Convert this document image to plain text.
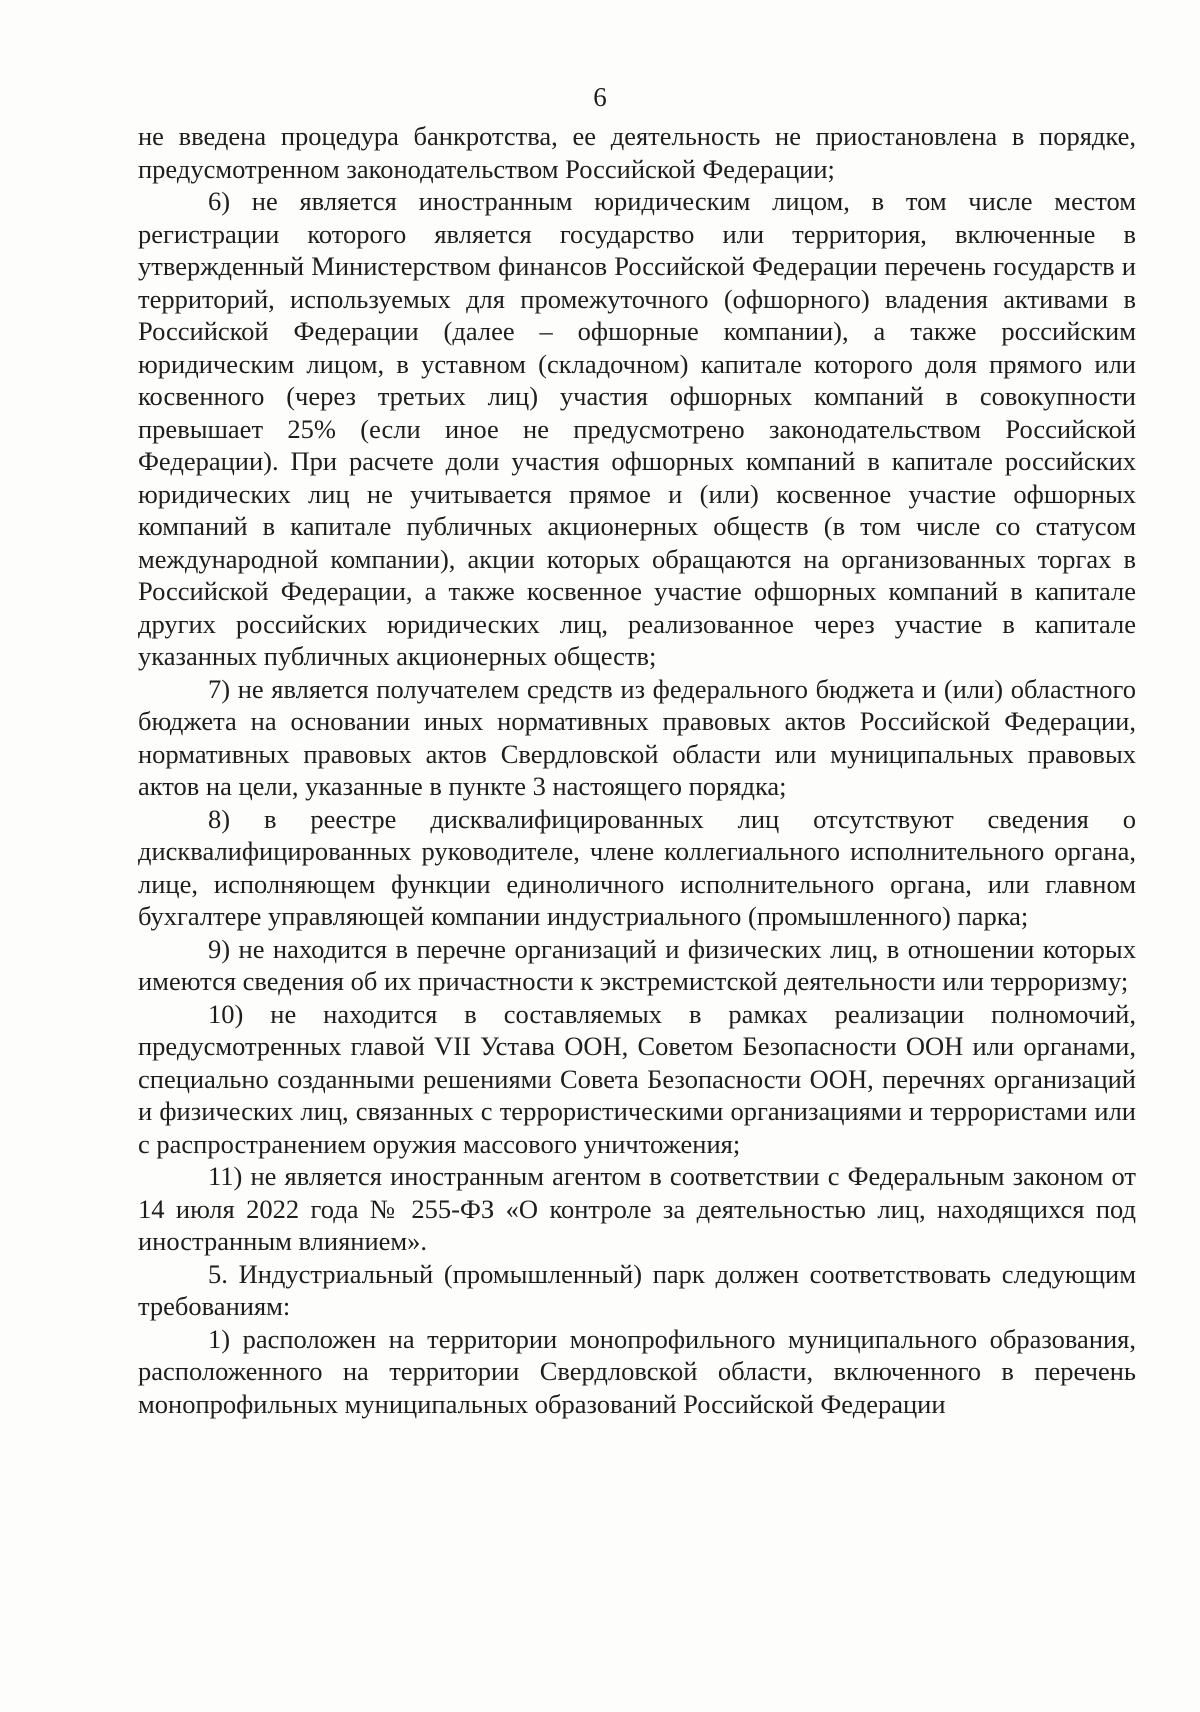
6

не введена процедура банкротства, ее деятельность не приостановлена в порядке, предусмотренном законодательством Российской Федерации;

6) не является иностранным юридическим лицом, в том числе местом регистрации которого является государство или территория, включенные в утвержденный Министерством финансов Российской Федерации перечень государств и территорий, используемых для промежуточного (офшорного) владения активами в Российской Федерации (далее – офшорные компании), а также российским юридическим лицом, в уставном (складочном) капитале которого доля прямого или косвенного (через третьих лиц) участия офшорных компаний в совокупности превышает 25% (если иное не предусмотрено законодательством Российской Федерации). При расчете доли участия офшорных компаний в капитале российских юридических лиц не учитывается прямое и (или) косвенное участие офшорных компаний в капитале публичных акционерных обществ (в том числе со статусом международной компании), акции которых обращаются на организованных торгах в Российской Федерации, а также косвенное участие офшорных компаний в капитале других российских юридических лиц, реализованное через участие в капитале указанных публичных акционерных обществ;

7) не является получателем средств из федерального бюджета и (или) областного бюджета на основании иных нормативных правовых актов Российской Федерации, нормативных правовых актов Свердловской области или муниципальных правовых актов на цели, указанные в пункте 3 настоящего порядка;

8) в реестре дисквалифицированных лиц отсутствуют сведения о дисквалифицированных руководителе, члене коллегиального исполнительного органа, лице, исполняющем функции единоличного исполнительного органа, или главном бухгалтере управляющей компании индустриального (промышленного) парка;

9) не находится в перечне организаций и физических лиц, в отношении которых имеются сведения об их причастности к экстремистской деятельности или терроризму;

10) не находится в составляемых в рамках реализации полномочий, предусмотренных главой VII Устава ООН, Советом Безопасности ООН или органами, специально созданными решениями Совета Безопасности ООН, перечнях организаций и физических лиц, связанных с террористическими организациями и террористами или с распространением оружия массового уничтожения;

11) не является иностранным агентом в соответствии с Федеральным законом от 14 июля 2022 года № 255-ФЗ «О контроле за деятельностью лиц, находящихся под иностранным влиянием».

5. Индустриальный (промышленный) парк должен соответствовать следующим требованиям:

1) расположен на территории монопрофильного муниципального образования, расположенного на территории Свердловской области, включенного в перечень монопрофильных муниципальных образований Российской Федерации
